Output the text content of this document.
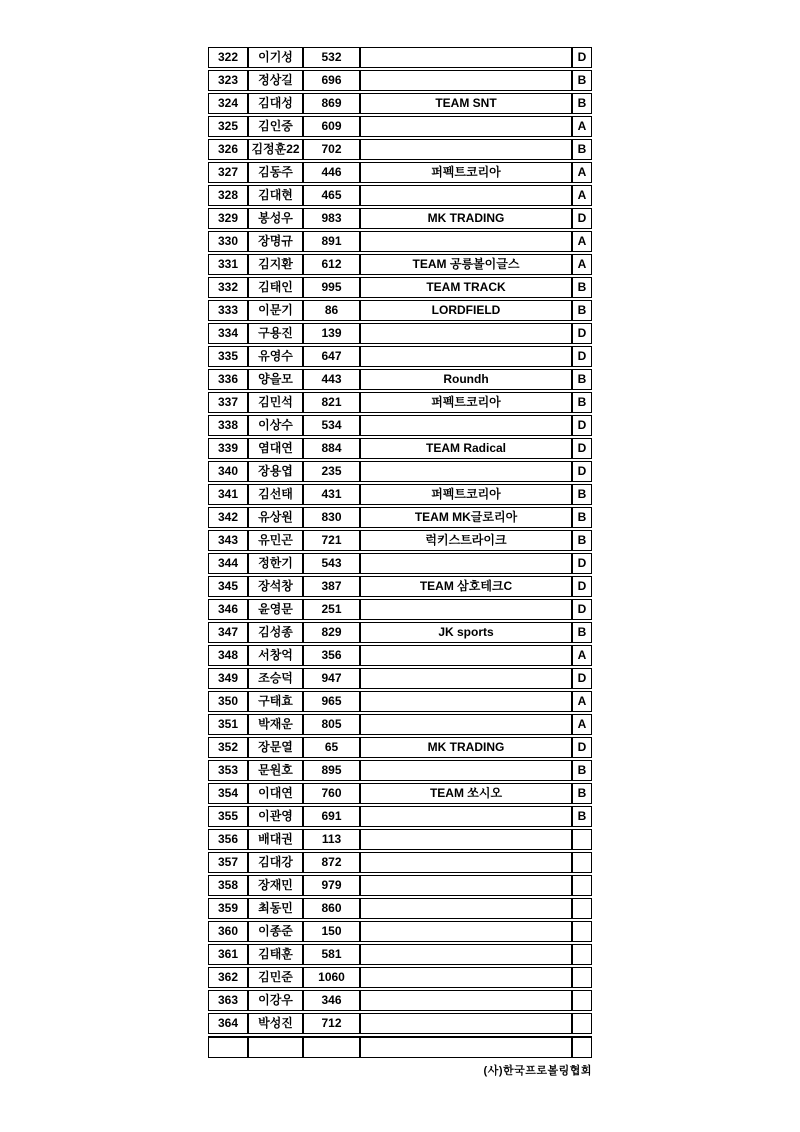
322	이기성	532		D
323	정상길	696		B
324	김대성	869	TEAM SNT	B
325	김인중	609		A
326	김정훈22	702		B
327	김동주	446	퍼펙트코리아	A
328	김대현	465		A
329	봉성우	983	MK TRADING	D
330	장명규	891		A
331	김지환	612	TEAM 공릉볼이글스	A
332	김태인	995	TEAM TRACK	B
333	이문기	86	LORDFIELD	B
334	구용진	139		D
335	유영수	647		D
336	양을모	443	Roundh	B
337	김민석	821	퍼펙트코리아	B
338	이상수	534		D
339	염대연	884	TEAM Radical	D
340	장용엽	235		D
341	김선태	431	퍼펙트코리아	B
342	유상원	830	TEAM MK글로리아	B
343	유민곤	721	럭키스트라이크	B
344	정한기	543		D
345	장석창	387	TEAM 삼호테크C	D
346	윤영문	251		D
347	김성종	829	JK sports	B
348	서창억	356		A
349	조승덕	947		D
350	구태효	965		A
351	박재운	805		A
352	장문열	65	MK TRADING	D
353	문원호	895		B
354	이대연	760	TEAM 쏘시오	B
355	이관영	691		B
356	배대권	113		
357	김대강	872		
358	장재민	979		
359	최동민	860		
360	이종준	150		
361	김태훈	581		
362	김민준	1060		
363	이강우	346		
364	박성진	712		

(사)한국프로볼링협회
